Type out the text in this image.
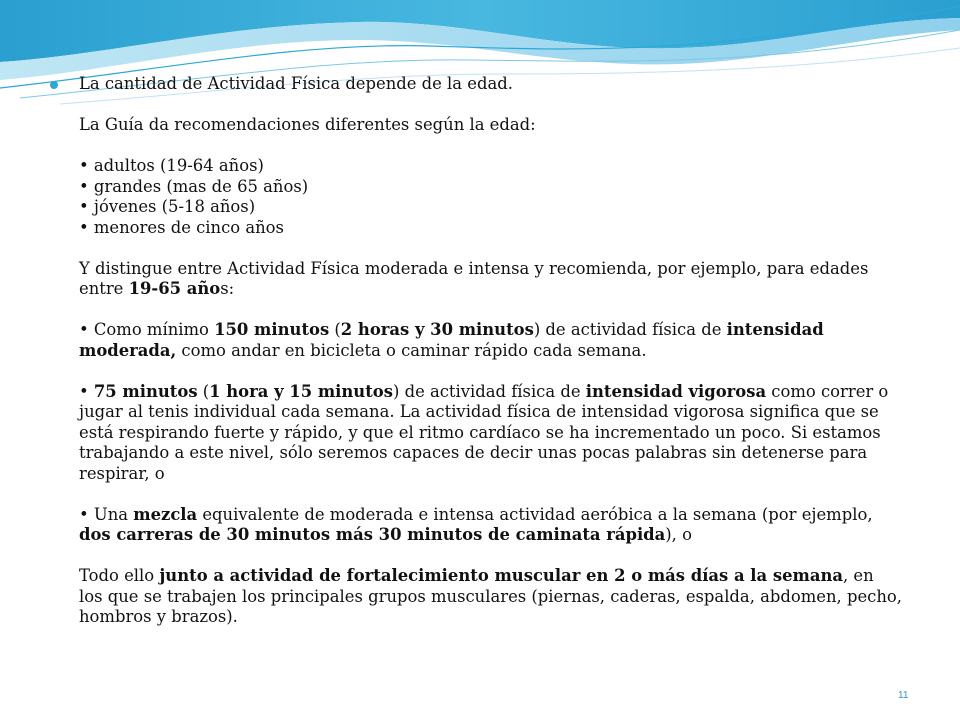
La cantidad de Actividad Física depende de la edad.

La Guía da recomendaciones diferentes según la edad:

• adultos (19-64 años)

• grandes (mas de 65 años)

• jóvenes (5-18 años)

• menores de cinco años

Y distingue entre Actividad Física moderada e intensa y recomienda, por ejemplo, para edades entre 19-65 años:

• Como mínimo 150 minutos (2 horas y 30 minutos) de actividad física de intensidad moderada, como andar en bicicleta o caminar rápido cada semana.

• 75 minutos (1 hora y 15 minutos) de actividad física de intensidad vigorosa como correr o jugar al tenis individual cada semana. La actividad física de intensidad vigorosa significa que se está respirando fuerte y rápido, y que el ritmo cardíaco se ha incrementado un poco. Si estamos trabajando a este nivel, sólo seremos capaces de decir unas pocas palabras sin detenerse para respirar, o

• Una mezcla equivalente de moderada e intensa actividad aeróbica a la semana (por ejemplo, dos carreras de 30 minutos más 30 minutos de caminata rápida), o

Todo ello junto a actividad de fortalecimiento muscular en 2 o más días a la semana, en los que se trabajen los principales grupos musculares (piernas, caderas, espalda, abdomen, pecho, hombros y brazos).

11
